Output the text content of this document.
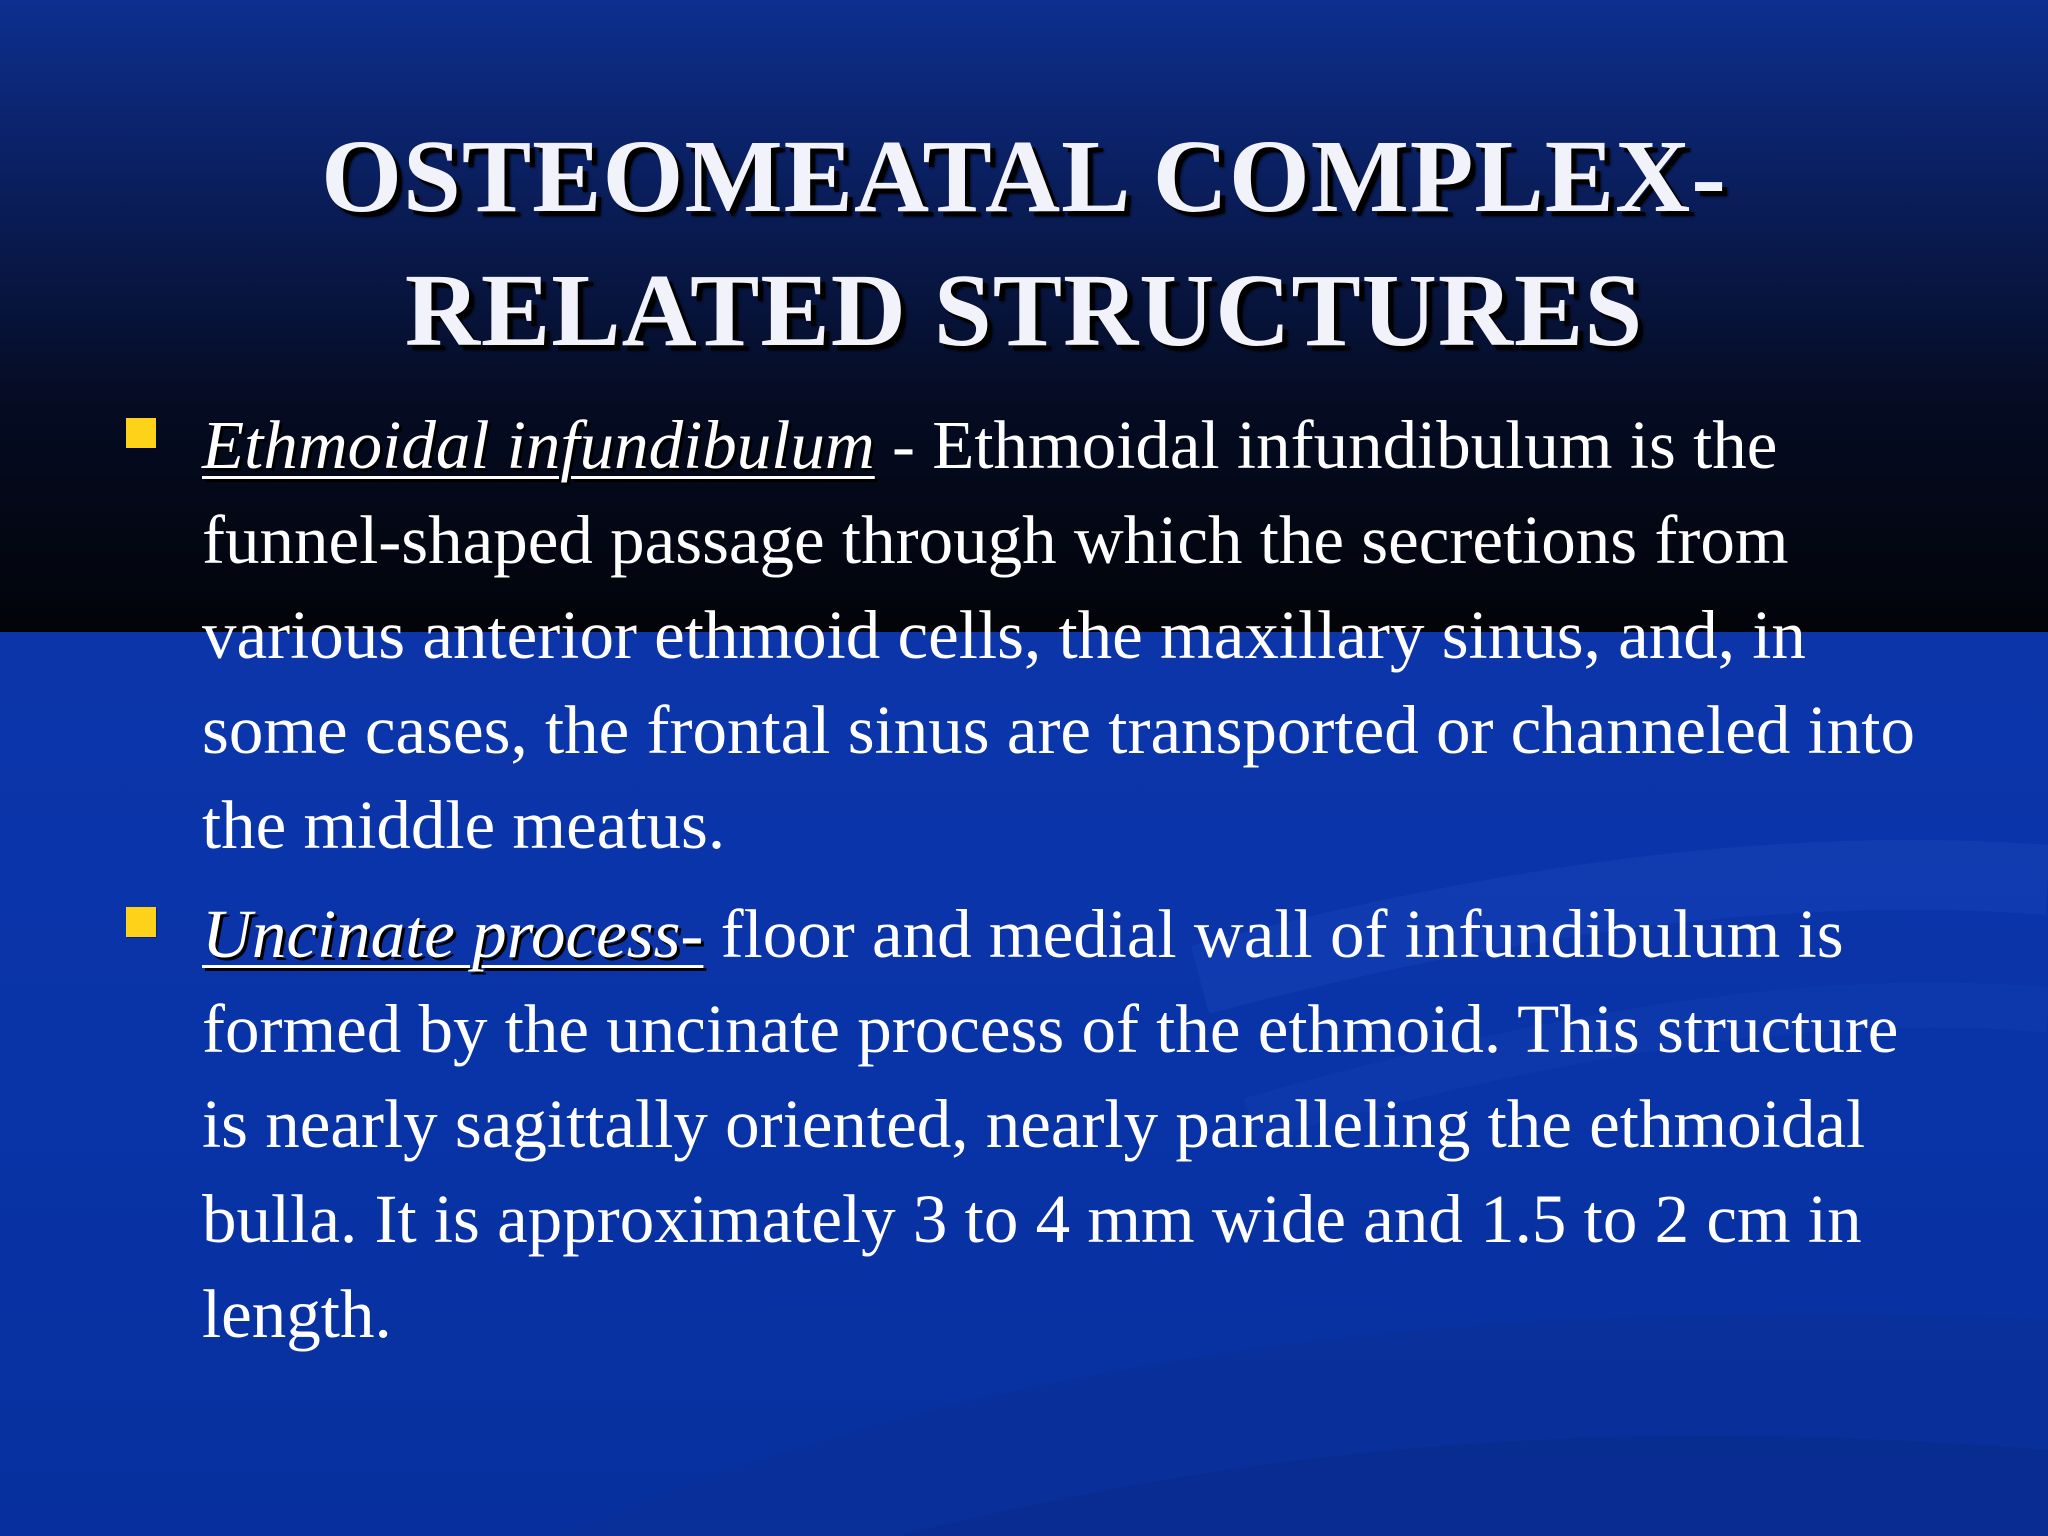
OSTEOMEATAL COMPLEX-
RELATED STRUCTURES
Ethmoidal infundibulum - Ethmoidal infundibulum is the funnel-shaped passage through which the secretions from various anterior ethmoid cells, the maxillary sinus, and, in some cases, the frontal sinus are transported or channeled into the middle meatus.
Uncinate process- floor and medial wall of infundibulum is formed by the uncinate process of the ethmoid. This structure is nearly sagittally oriented, nearly paralleling the ethmoidal bulla. It is approximately 3 to 4 mm wide and 1.5 to 2 cm in length.
